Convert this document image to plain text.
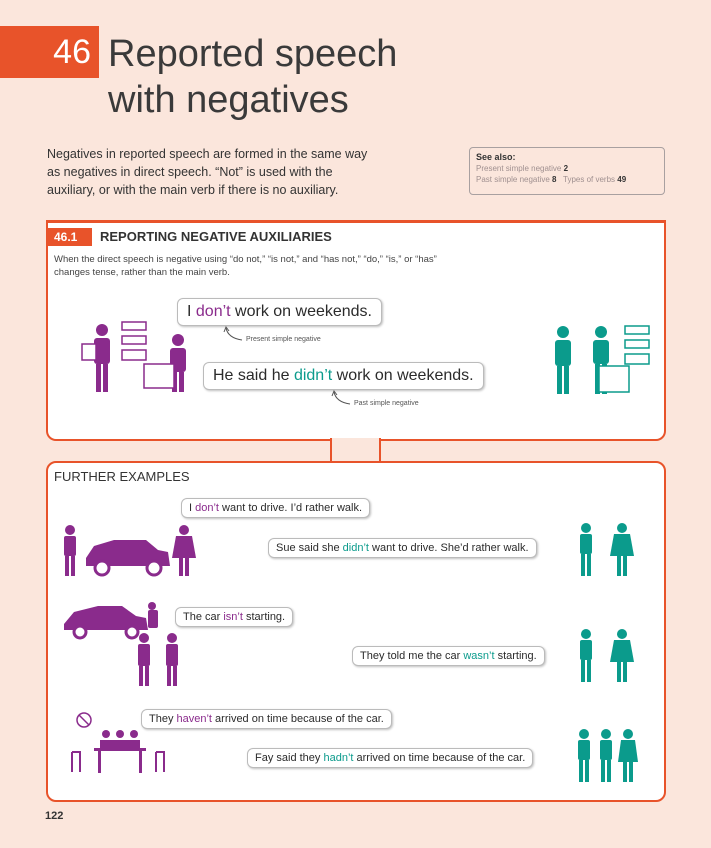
46 Reported speech
with negatives

Negatives in reported speech are formed in the same way as negatives in direct speech. “Not” is used with the auxiliary, or with the main verb if there is no auxiliary.

See also:
Present simple negative 2
Past simple negative 8   Types of verbs 49
46.1	REPORTING NEGATIVE AUXILIARIES
When the direct speech is negative using “do not,” “is not,” and “has not,” “do,” “is,” or “has” changes tense, rather than the main verb.
I don’t work on weekends.
Present simple negative
He said he didn’t work on weekends.
Past simple negative
FURTHER EXAMPLES
I don’t want to drive. I’d rather walk.
Sue said she didn’t want to drive. She’d rather walk.
The car isn’t starting.
They told me the car wasn’t starting.
They haven’t arrived on time because of the car.
Fay said they hadn’t arrived on time because of the car.
122
